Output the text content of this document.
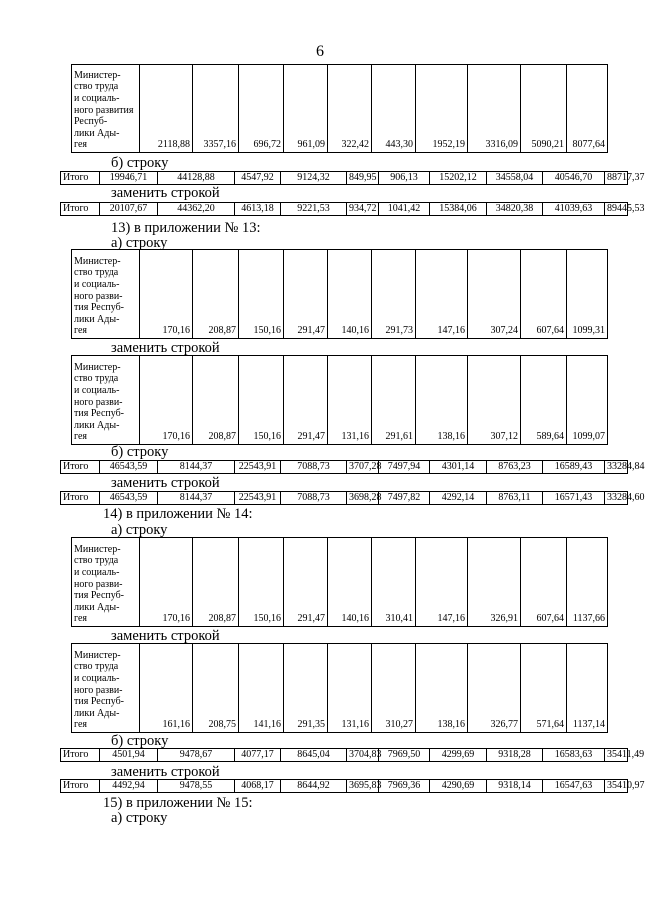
6
Министер-
ство труда
и социаль-
ного развития Респуб-
лики Ады-
гея	2118,88	3357,16	696,72	961,09	322,42	443,30	1952,19	3316,09	5090,21	8077,64
б) строку
Итого	19946,71	44128,88	4547,92	9124,32	849,95	906,13	15202,12	34558,04	40546,70	88717,37
заменить строкой
Итого	20107,67	44362,20	4613,18	9221,53	934,72	1041,42	15384,06	34820,38	41039,63	89445,53
13) в приложении № 13:
а) строку
Министер-
ство труда
и социаль-
ного разви-
тия Респуб-
лики Ады-
гея	170,16	208,87	150,16	291,47	140,16	291,73	147,16	307,24	607,64	1099,31
заменить строкой
Министер-
ство труда
и социаль-
ного разви-
тия Респуб-
лики Ады-
гея	170,16	208,87	150,16	291,47	131,16	291,61	138,16	307,12	589,64	1099,07
б) строку
Итого	46543,59	8144,37	22543,91	7088,73	3707,28	7497,94	4301,14	8763,23	16589,43	33284,84
заменить строкой
Итого	46543,59	8144,37	22543,91	7088,73	3698,28	7497,82	4292,14	8763,11	16571,43	33284,60
14) в приложении № 14:
а) строку
Министер-
ство труда
и социаль-
ного разви-
тия Респуб-
лики Ады-
гея	170,16	208,87	150,16	291,47	140,16	310,41	147,16	326,91	607,64	1137,66
заменить строкой
Министер-
ство труда
и социаль-
ного разви-
тия Респуб-
лики Ады-
гея	161,16	208,75	141,16	291,35	131,16	310,27	138,16	326,77	571,64	1137,14
б) строку
Итого	4501,94	9478,67	4077,17	8645,04	3704,83	7969,50	4299,69	9318,28	16583,63	35411,49
заменить строкой
Итого	4492,94	9478,55	4068,17	8644,92	3695,83	7969,36	4290,69	9318,14	16547,63	35410,97
15) в приложении № 15:
а) строку
